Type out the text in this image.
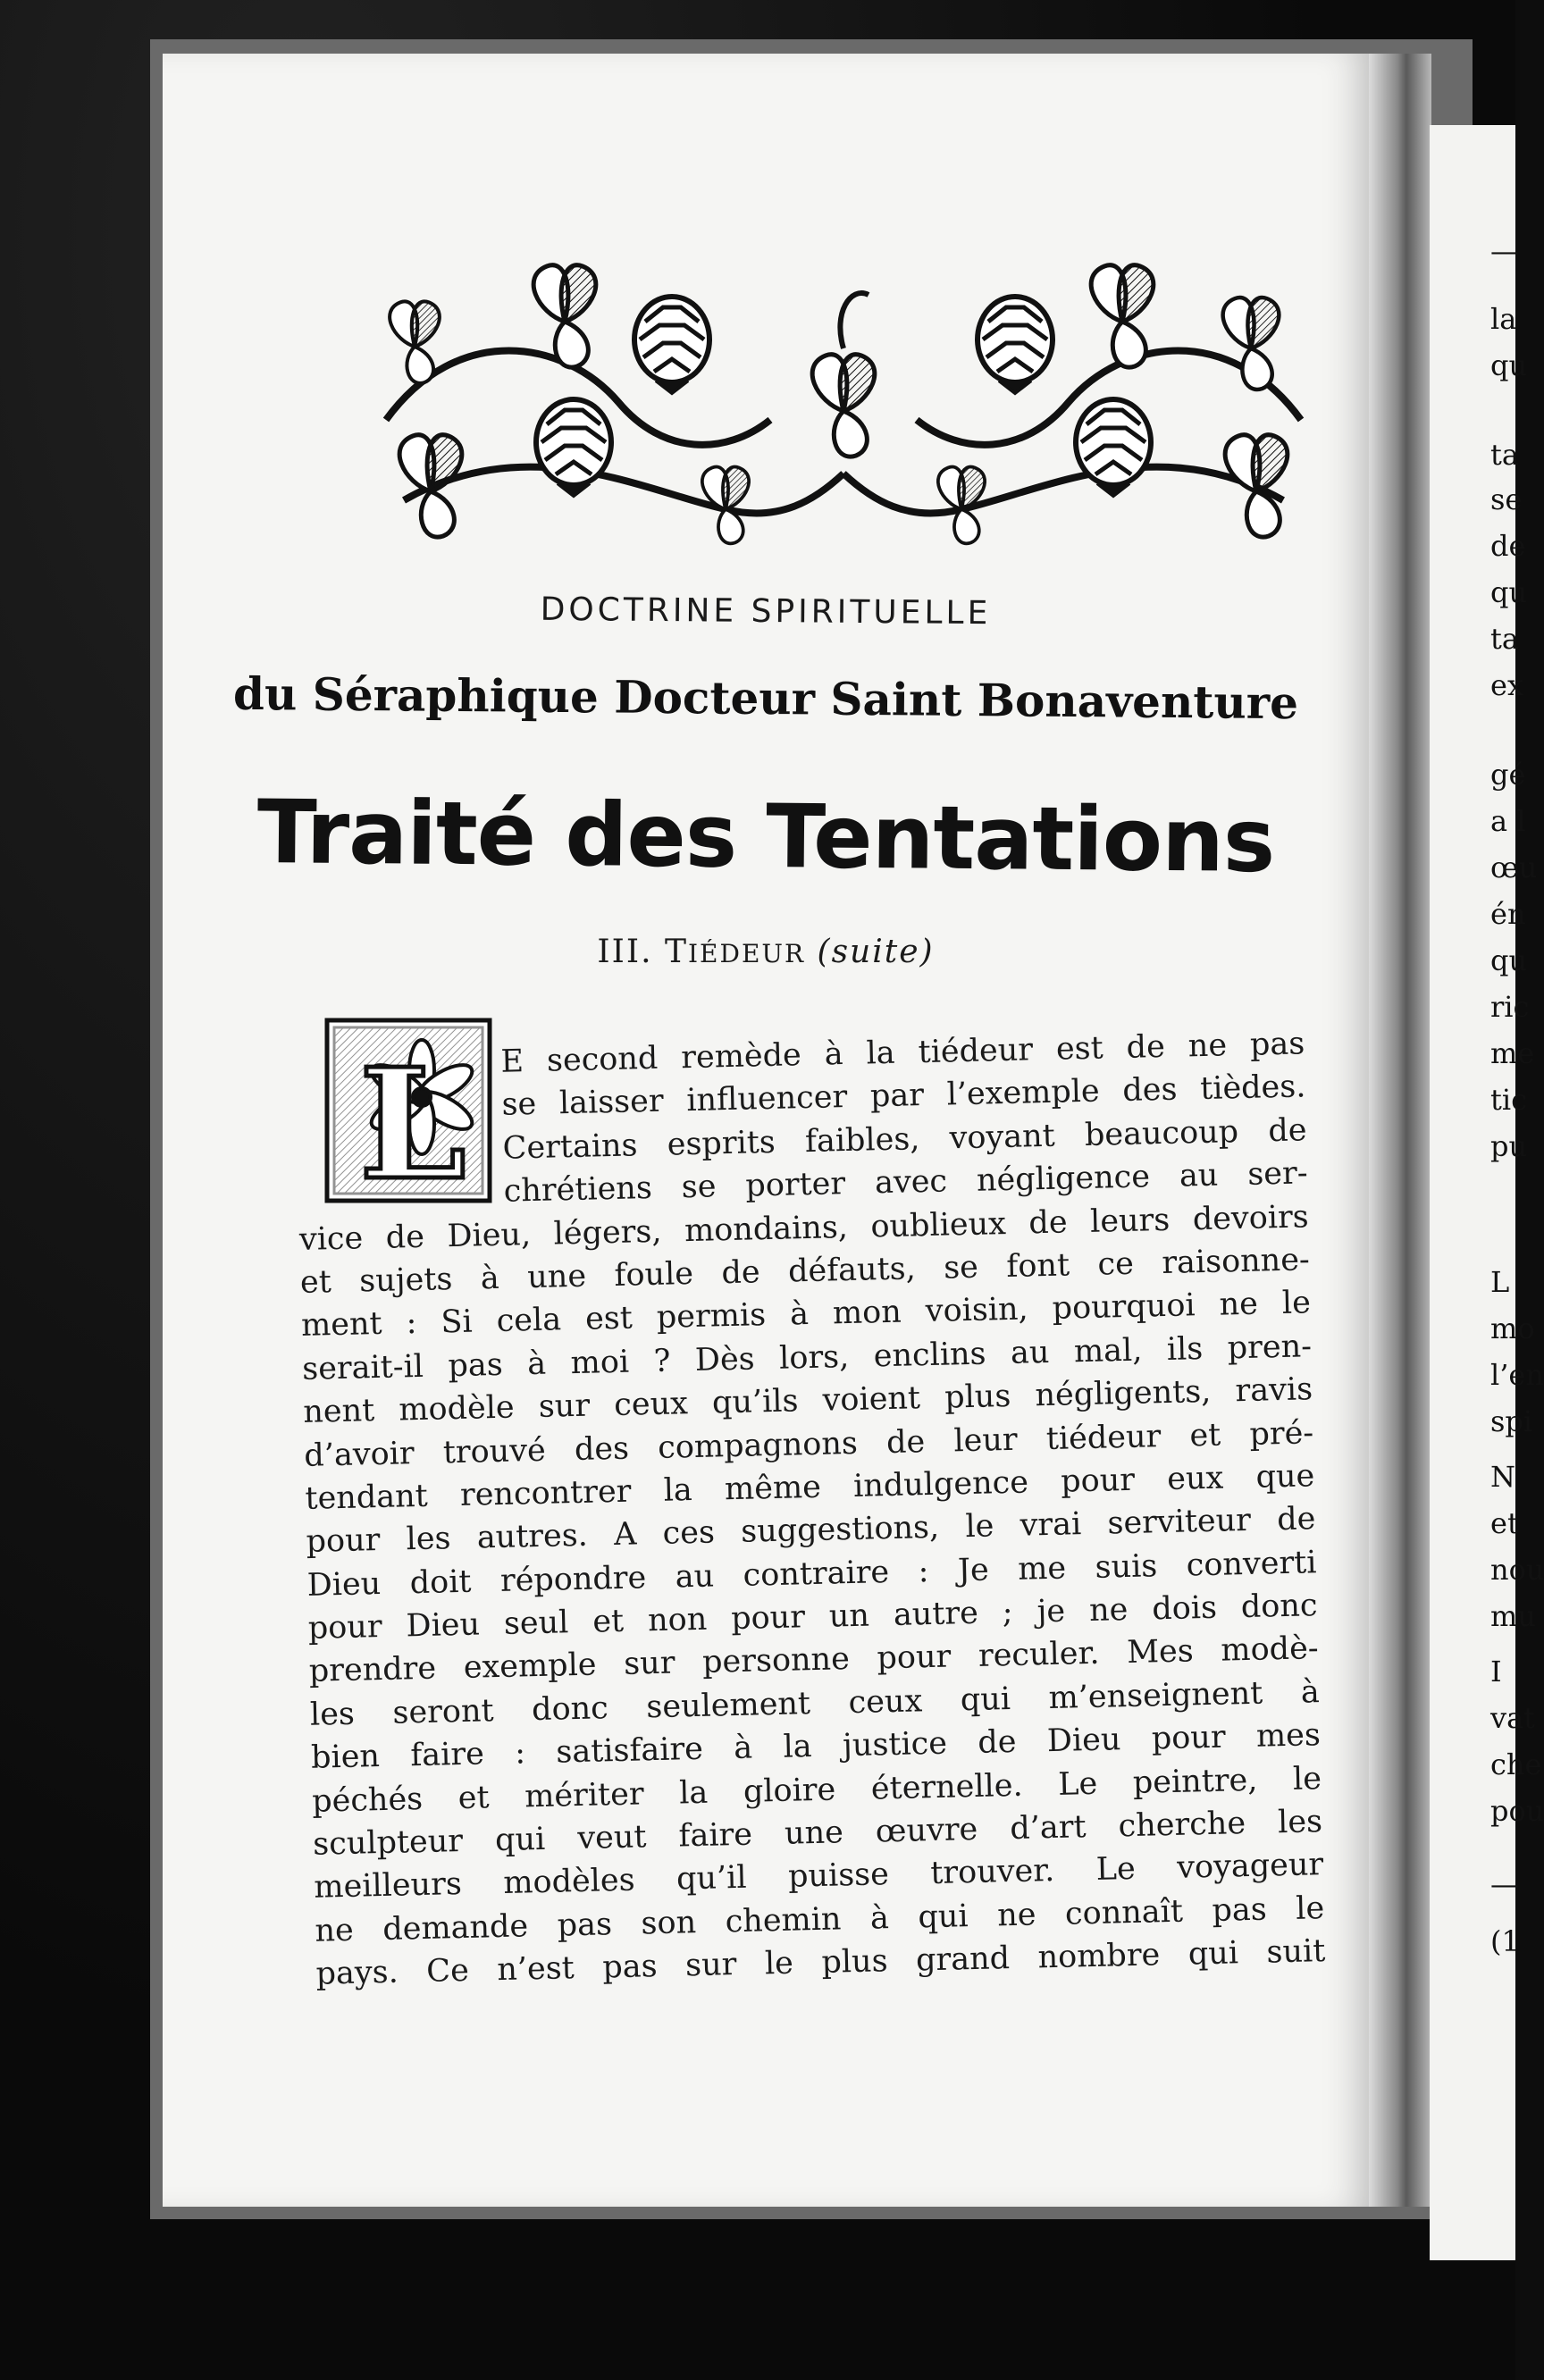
—
la
qu
ta
se
de
qu
ta
ex
gé
a l
œu
én
qu
ric
me
tic
pu
L
mo
l’en
spi
N
et
nou
mu
I
vat
che
pou
—
(1
DOCTRINE SPIRITUELLE
du Séraphique Docteur Saint Bonaventure
Traité des Tentations
III. TIÉDEUR (suite)
L E second remède à la tiédeur est de ne pas
se laisser influencer par l’exemple des tièdes.
Certains esprits faibles, voyant beaucoup de
chrétiens se porter avec négligence au ser-
vice de Dieu, légers, mondains, oublieux de leurs devoirs
et sujets à une foule de défauts, se font ce raisonne-
ment : Si cela est permis à mon voisin, pourquoi ne le
serait-il pas à moi ? Dès lors, enclins au mal, ils pren-
nent modèle sur ceux qu’ils voient plus négligents, ravis
d’avoir trouvé des compagnons de leur tiédeur et pré-
tendant rencontrer la même indulgence pour eux que
pour les autres. A ces suggestions, le vrai serviteur de
Dieu doit répondre au contraire : Je me suis converti
pour Dieu seul et non pour un autre ; je ne dois donc
prendre exemple sur personne pour reculer. Mes modè-
les seront donc seulement ceux qui m’enseignent à
bien faire : satisfaire à la justice de Dieu pour mes
péchés et mériter la gloire éternelle. Le peintre, le
sculpteur qui veut faire une œuvre d’art cherche les
meilleurs modèles qu’il puisse trouver. Le voyageur
ne demande pas son chemin à qui ne connaît pas le
pays. Ce n’est pas sur le plus grand nombre qui suit
